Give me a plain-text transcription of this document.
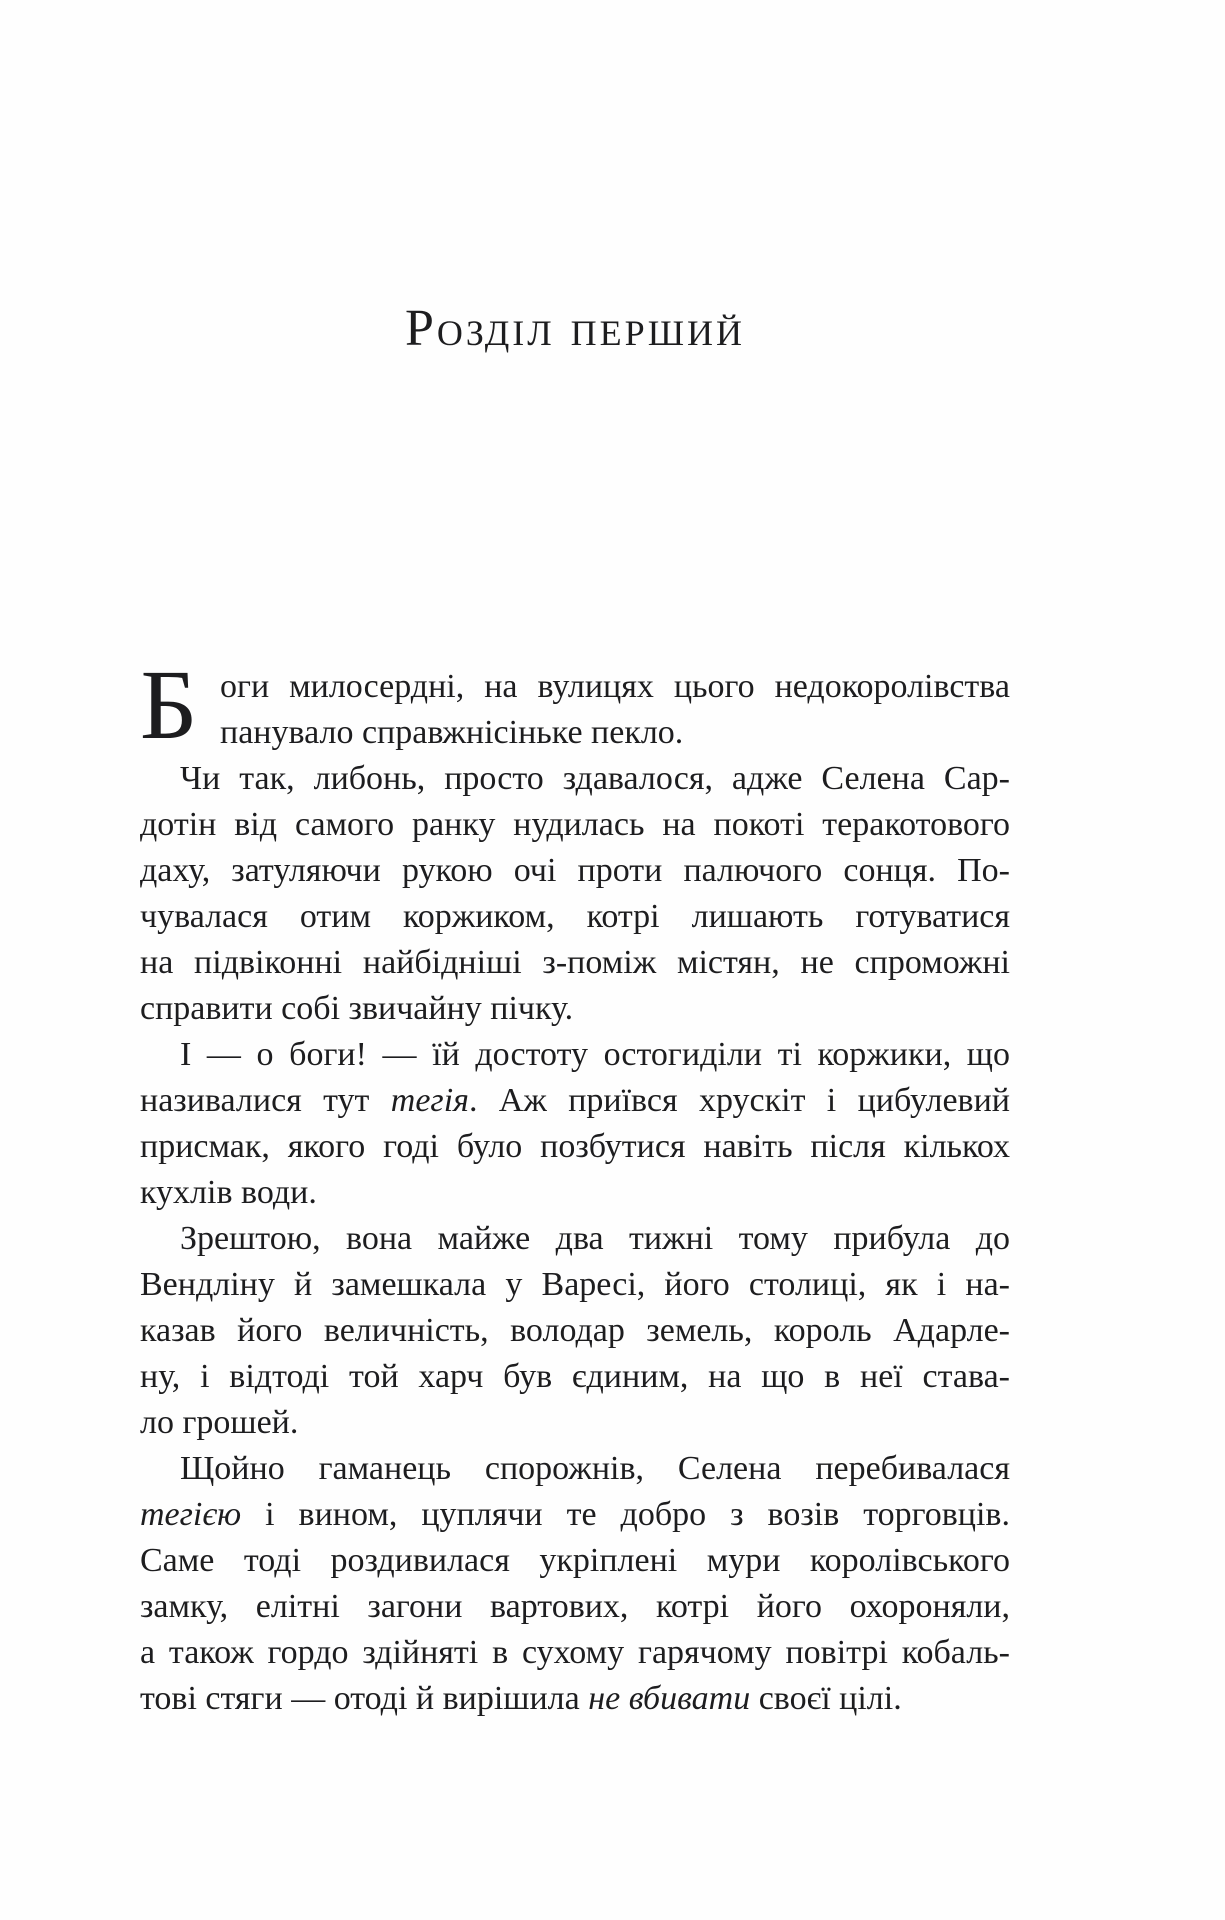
Розділ перший
Б оги милосердні, на вулицях цього недокоролівства
панувало справжнісіньке пекло.
Чи так, либонь, просто здавалося, адже Селена Сар-
дотін від самого ранку нудилась на покоті теракотового
даху, затуляючи рукою очі проти палючого сонця. По-
чувалася отим коржиком, котрі лишають готуватися
на підвіконні найбідніші з-поміж містян, не спроможні
справити собі звичайну пічку.
І — о боги! — їй достоту остогиділи ті коржики, що
називалися тут тегія. Аж приївся хрускіт і цибулевий
присмак, якого годі було позбутися навіть після кількох
кухлів води.
Зрештою, вона майже два тижні тому прибула до
Вендліну й замешкала у Варесі, його столиці, як і на-
казав його величність, володар земель, король Адарле-
ну, і відтоді той харч був єдиним, на що в неї става-
ло грошей.
Щойно гаманець спорожнів, Селена перебивалася
тегією і вином, цуплячи те добро з возів торговців.
Саме тоді роздивилася укріплені мури королівського
замку, елітні загони вартових, котрі його охороняли,
а також гордо здійняті в сухому гарячому повітрі кобаль-
тові стяги — отоді й вирішила не вбивати своєї цілі.
